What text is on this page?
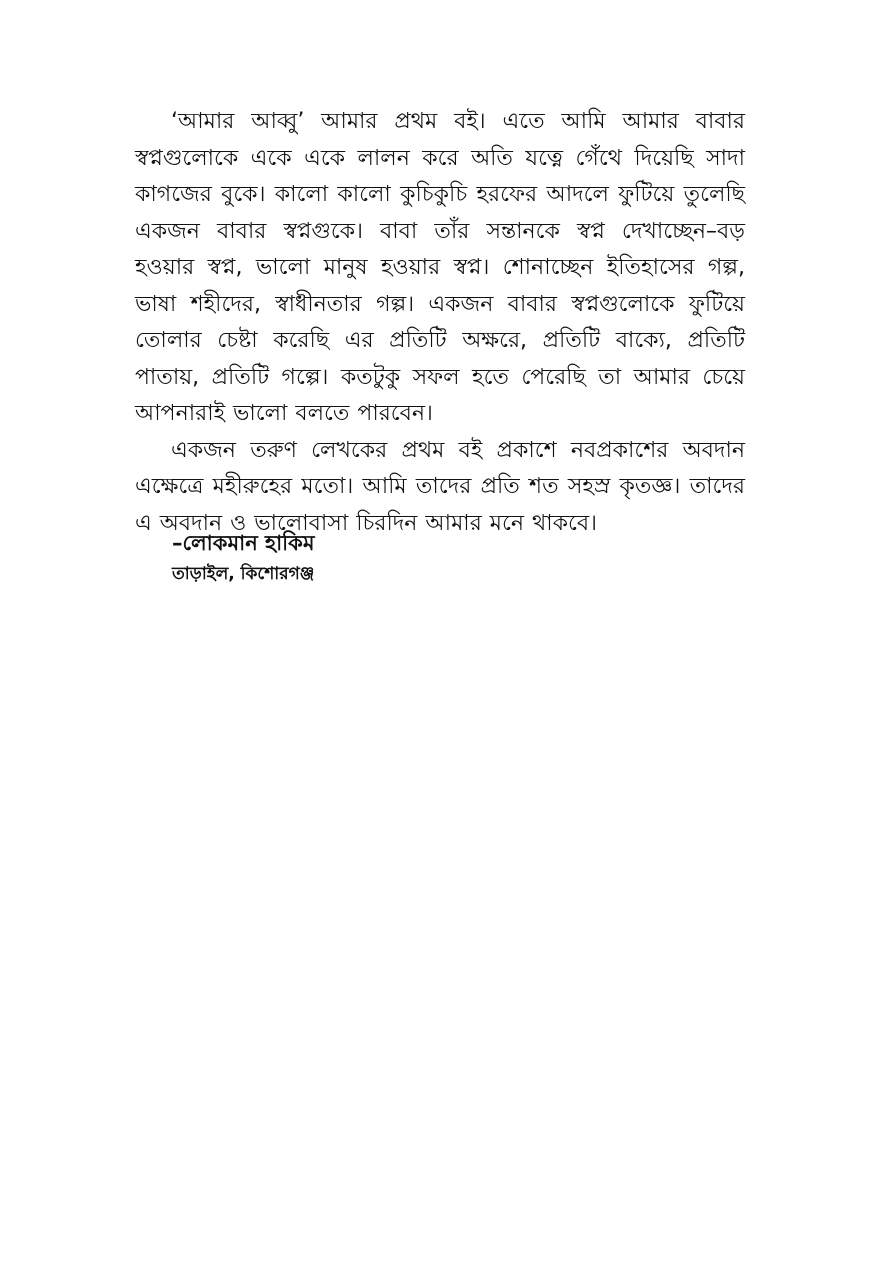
‘আমার আব্বু’ আমার প্রথম বই। এতে আমি আমার বাবার স্বপ্নগুলোকে একে একে লালন করে অতি যত্নে গেঁথে দিয়েছি সাদা কাগজের বুকে। কালো কালো কুচিকুচি হরফের আদলে ফুটিয়ে তুলেছি একজন বাবার স্বপ্নগুকে। বাবা তাঁর সন্তানকে স্বপ্ন দেখাচ্ছেন–বড় হওয়ার স্বপ্ন, ভালো মানুষ হওয়ার স্বপ্ন। শোনাচ্ছেন ইতিহাসের গল্প, ভাষা শহীদের, স্বাধীনতার গল্প। একজন বাবার স্বপ্নগুলোকে ফুটিয়ে তোলার চেষ্টা করেছি এর প্রতিটি অক্ষরে, প্রতিটি বাক্যে, প্রতিটি পাতায়, প্রতিটি গল্পে। কতটুকু সফল হতে পেরেছি তা আমার চেয়ে আপনারাই ভালো বলতে পারবেন।

একজন তরুণ লেখকের প্রথম বই প্রকাশে নবপ্রকাশের অবদান এক্ষেত্রে মহীরুহের মতো। আমি তাদের প্রতি শত সহস্র কৃতজ্ঞ। তাদের এ অবদান ও ভালোবাসা চিরদিন আমার মনে থাকবে।

–লোকমান হাকিম

তাড়াইল, কিশোরগঞ্জ
